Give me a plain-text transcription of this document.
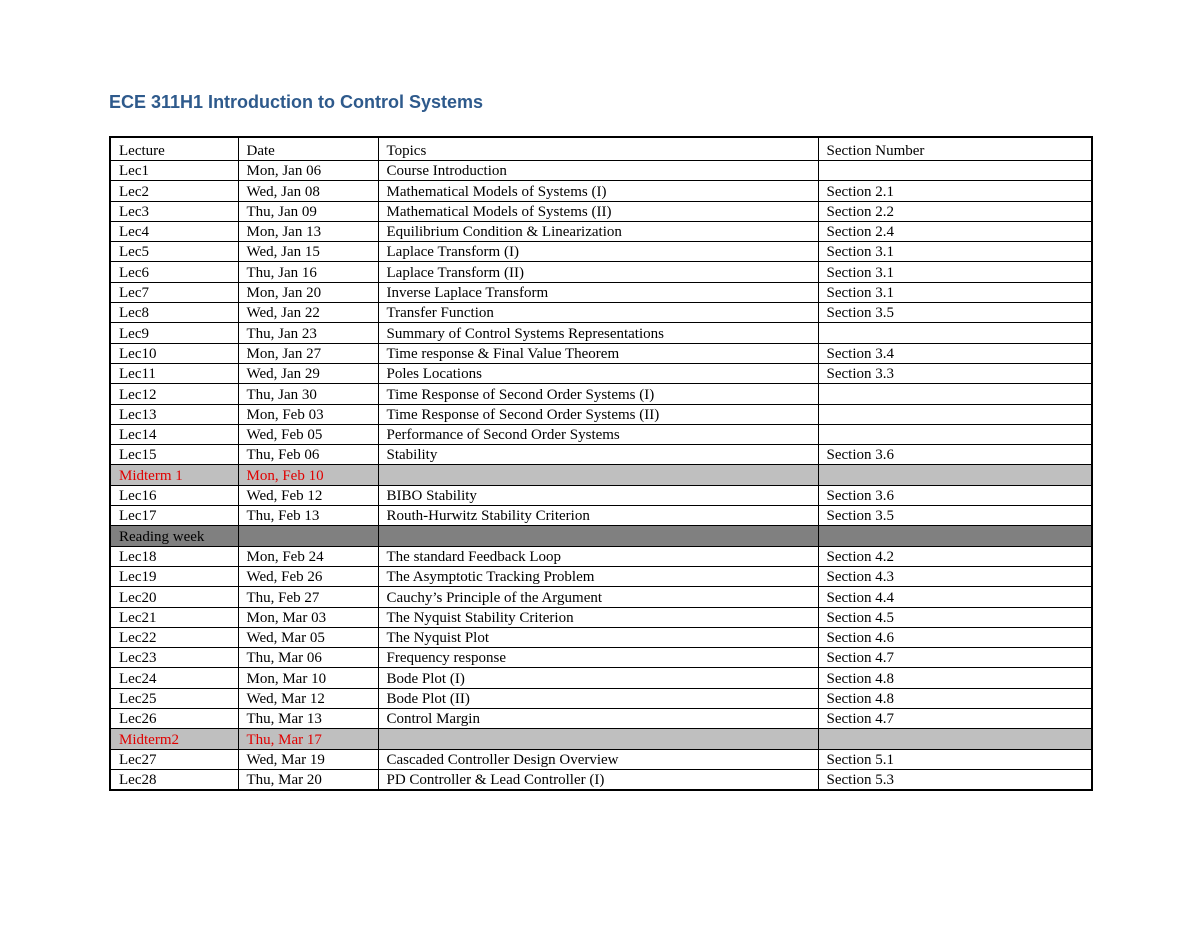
ECE 311H1 Introduction to Control Systems
Lecture	Date	Topics	Section Number
Lec1	Mon, Jan 06	Course Introduction	
Lec2	Wed, Jan 08	Mathematical Models of Systems (I)	Section 2.1
Lec3	Thu, Jan 09	Mathematical Models of Systems (II)	Section 2.2
Lec4	Mon, Jan 13	Equilibrium Condition & Linearization	Section 2.4
Lec5	Wed, Jan 15	Laplace Transform (I)	Section 3.1
Lec6	Thu, Jan 16	Laplace Transform (II)	Section 3.1
Lec7	Mon, Jan 20	Inverse Laplace Transform	Section 3.1
Lec8	Wed, Jan 22	Transfer Function	Section 3.5
Lec9	Thu, Jan 23	Summary of Control Systems Representations	
Lec10	Mon, Jan 27	Time response & Final Value Theorem	Section 3.4
Lec11	Wed, Jan 29	Poles Locations	Section 3.3
Lec12	Thu, Jan 30	Time Response of Second Order Systems (I)	
Lec13	Mon, Feb 03	Time Response of Second Order Systems (II)	
Lec14	Wed, Feb 05	Performance of Second Order Systems	
Lec15	Thu, Feb 06	Stability	Section 3.6
Midterm 1	Mon, Feb 10		
Lec16	Wed, Feb 12	BIBO Stability	Section 3.6
Lec17	Thu, Feb 13	Routh-Hurwitz Stability Criterion	Section 3.5
Reading week			
Lec18	Mon, Feb 24	The standard Feedback Loop	Section 4.2
Lec19	Wed, Feb 26	The Asymptotic Tracking Problem	Section 4.3
Lec20	Thu, Feb 27	Cauchy’s Principle of the Argument	Section 4.4
Lec21	Mon, Mar 03	The Nyquist Stability Criterion	Section 4.5
Lec22	Wed, Mar 05	The Nyquist Plot	Section 4.6
Lec23	Thu, Mar 06	Frequency response	Section 4.7
Lec24	Mon, Mar 10	Bode Plot (I)	Section 4.8
Lec25	Wed, Mar 12	Bode Plot (II)	Section 4.8
Lec26	Thu, Mar 13	Control Margin	Section 4.7
Midterm2	Thu, Mar 17		
Lec27	Wed, Mar 19	Cascaded Controller Design Overview	Section 5.1
Lec28	Thu, Mar 20	PD Controller & Lead Controller (I)	Section 5.3
